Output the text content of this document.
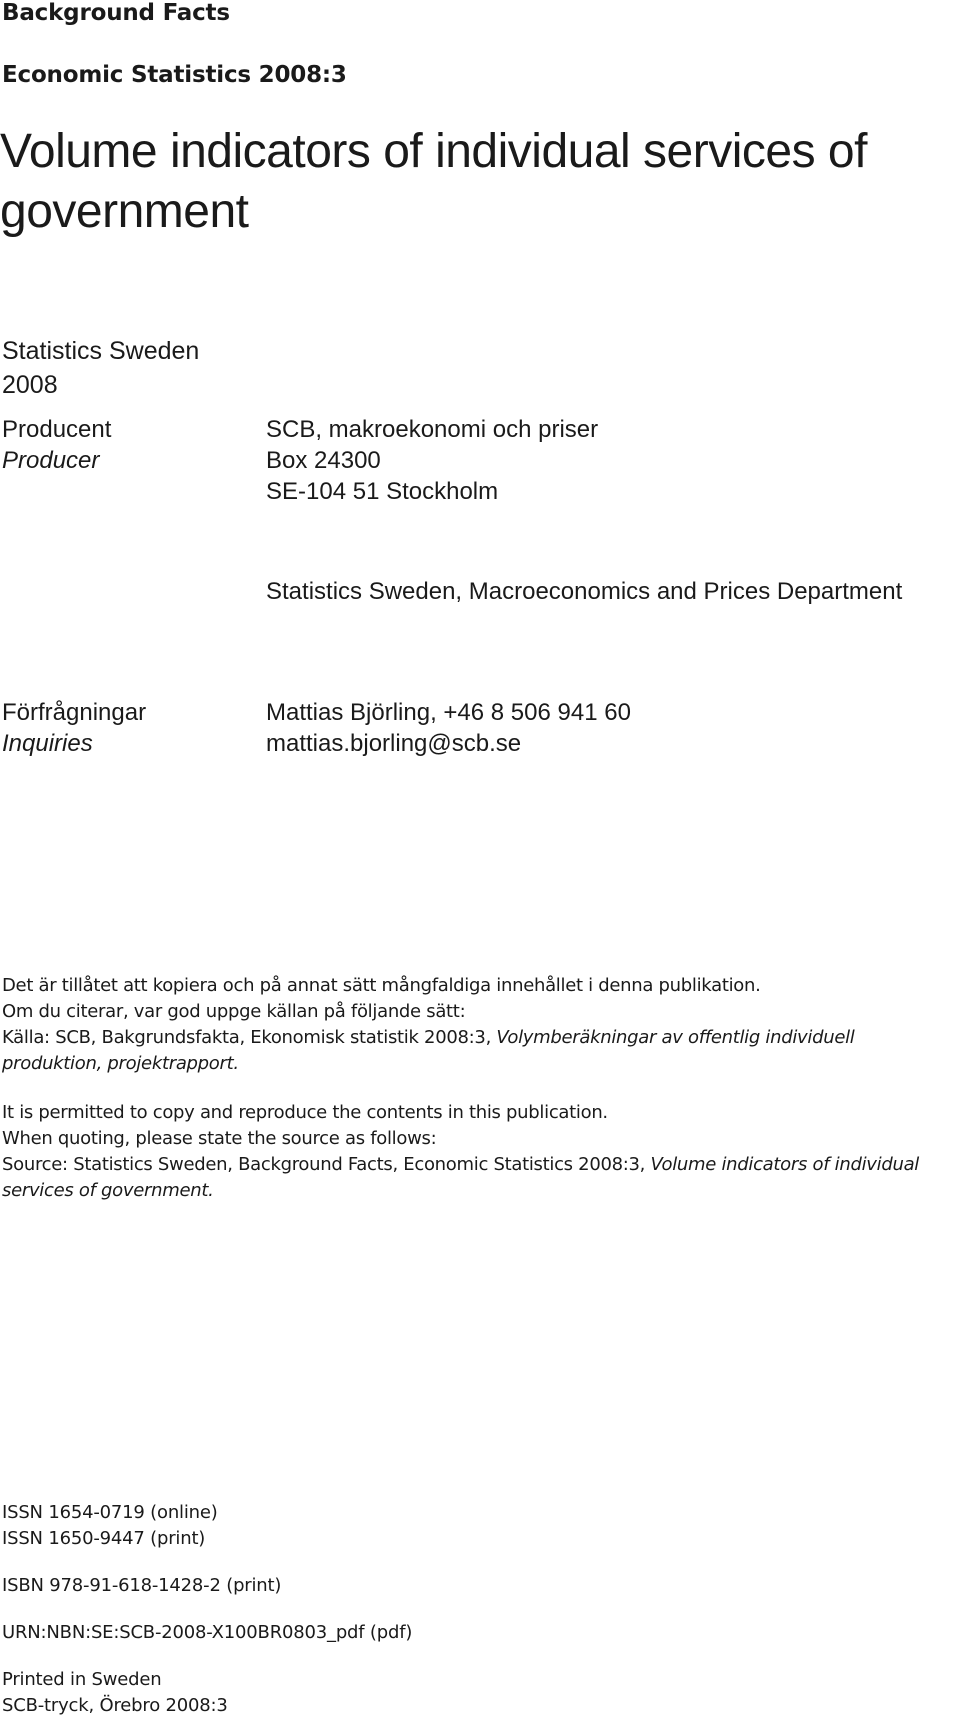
Background Facts
Economic Statistics 2008:3
Volume indicators of individual services of government
Statistics Sweden
2008
Producent
Producer
SCB, makroekonomi och priser
Box 24300
SE-104 51 Stockholm
Statistics Sweden, Macroeconomics and Prices Department
Förfrågningar
Inquiries
Mattias Björling, +46 8 506 941 60
mattias.bjorling@scb.se

Det är tillåtet att kopiera och på annat sätt mångfaldiga innehållet i denna publikation.

Om du citerar, var god uppge källan på följande sätt:

Källa: SCB, Bakgrundsfakta, Ekonomisk statistik 2008:3, Volymberäkningar av offentlig individuell produktion, projektrapport.

It is permitted to copy and reproduce the contents in this publication.

When quoting, please state the source as follows:

Source: Statistics Sweden, Background Facts, Economic Statistics 2008:3, Volume indicators of individual services of government.

ISSN 1654-0719 (online)
ISSN 1650-9447 (print)
ISBN 978-91-618-1428-2 (print)
URN:NBN:SE:SCB-2008-X100BR0803_pdf (pdf)
Printed in Sweden
SCB-tryck, Örebro 2008:3
